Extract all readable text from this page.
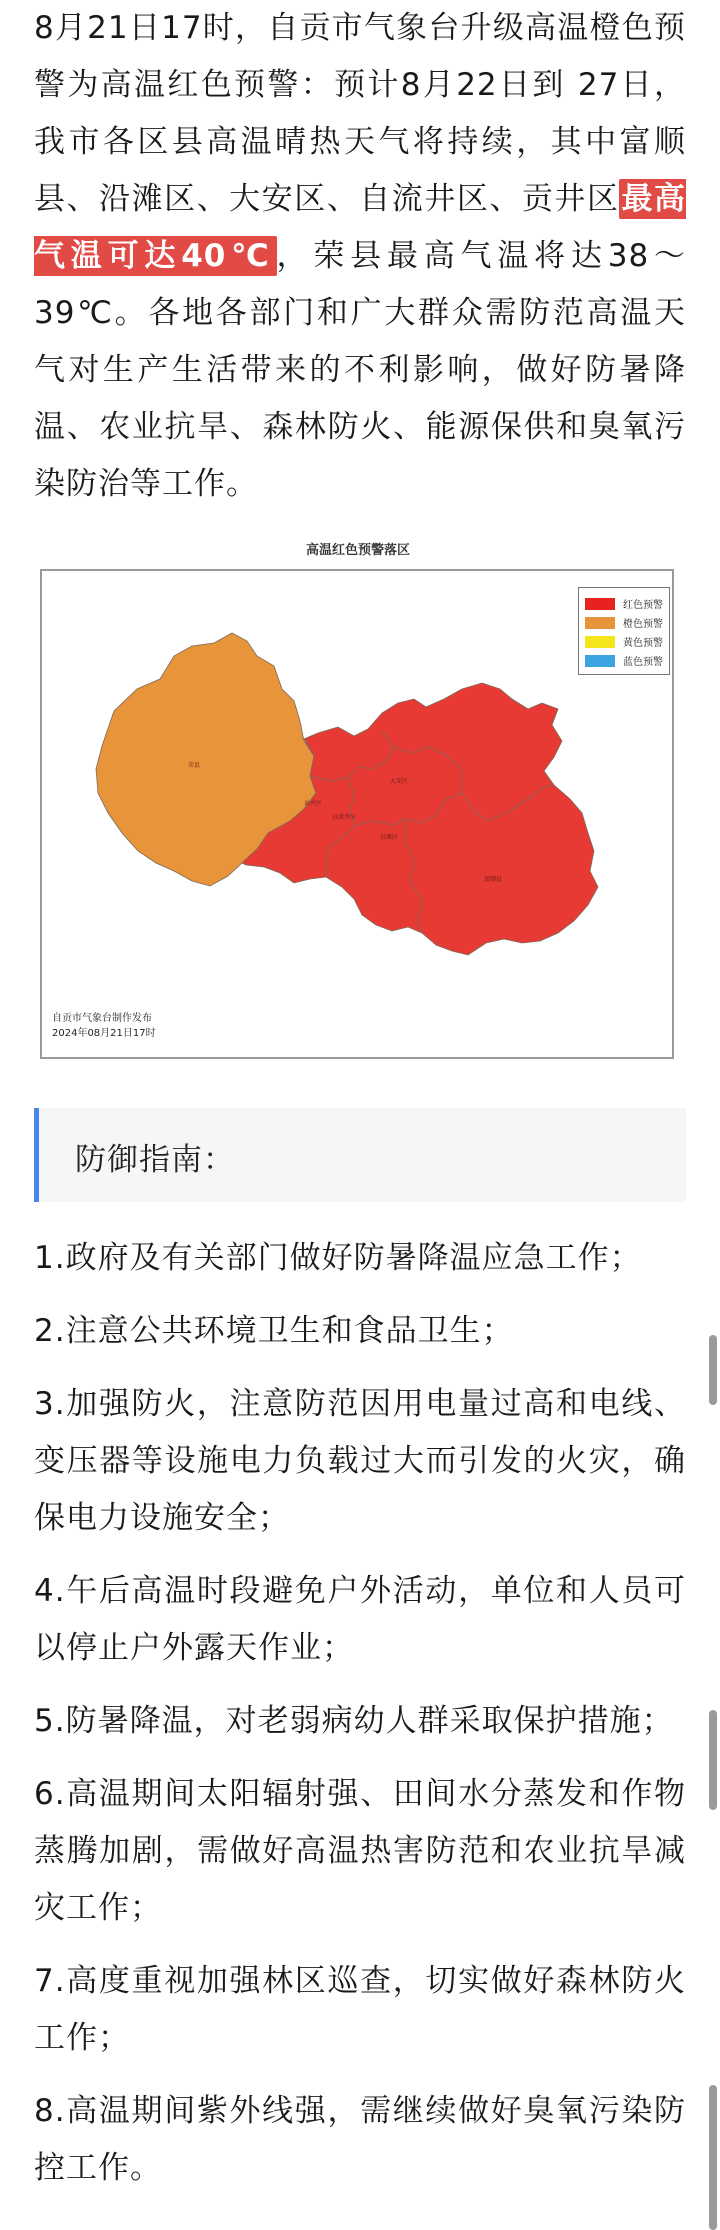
8月21日17时，自贡市气象台升级高温橙色预警为高温红色预警：预计8月22日到 27日，我市各区县高温晴热天气将持续，其中富顺县、沿滩区、大安区、自流井区、贡井区最高气温可达40℃，荣县最高气温将达38～39℃。各地各部门和广大群众需防范高温天气对生产生活带来的不利影响，做好防暑降温、农业抗旱、森林防火、能源保供和臭氧污染防治等工作。

高温红色预警落区
荣县
贡井区
自流井区
大安区
沿滩区
富顺县
红色预警
橙色预警
黄色预警
蓝色预警
自贡市气象台制作发布
2024年08月21日17时
防御指南：
1.政府及有关部门做好防暑降温应急工作；
2.注意公共环境卫生和食品卫生；
3.加强防火，注意防范因用电量过高和电线、变压器等设施电力负载过大而引发的火灾，确保电力设施安全；
4.午后高温时段避免户外活动，单位和人员可以停止户外露天作业；
5.防暑降温，对老弱病幼人群采取保护措施；
6.高温期间太阳辐射强、田间水分蒸发和作物蒸腾加剧，需做好高温热害防范和农业抗旱减灾工作；
7.高度重视加强林区巡查，切实做好森林防火工作；
8.高温期间紫外线强，需继续做好臭氧污染防控工作。
